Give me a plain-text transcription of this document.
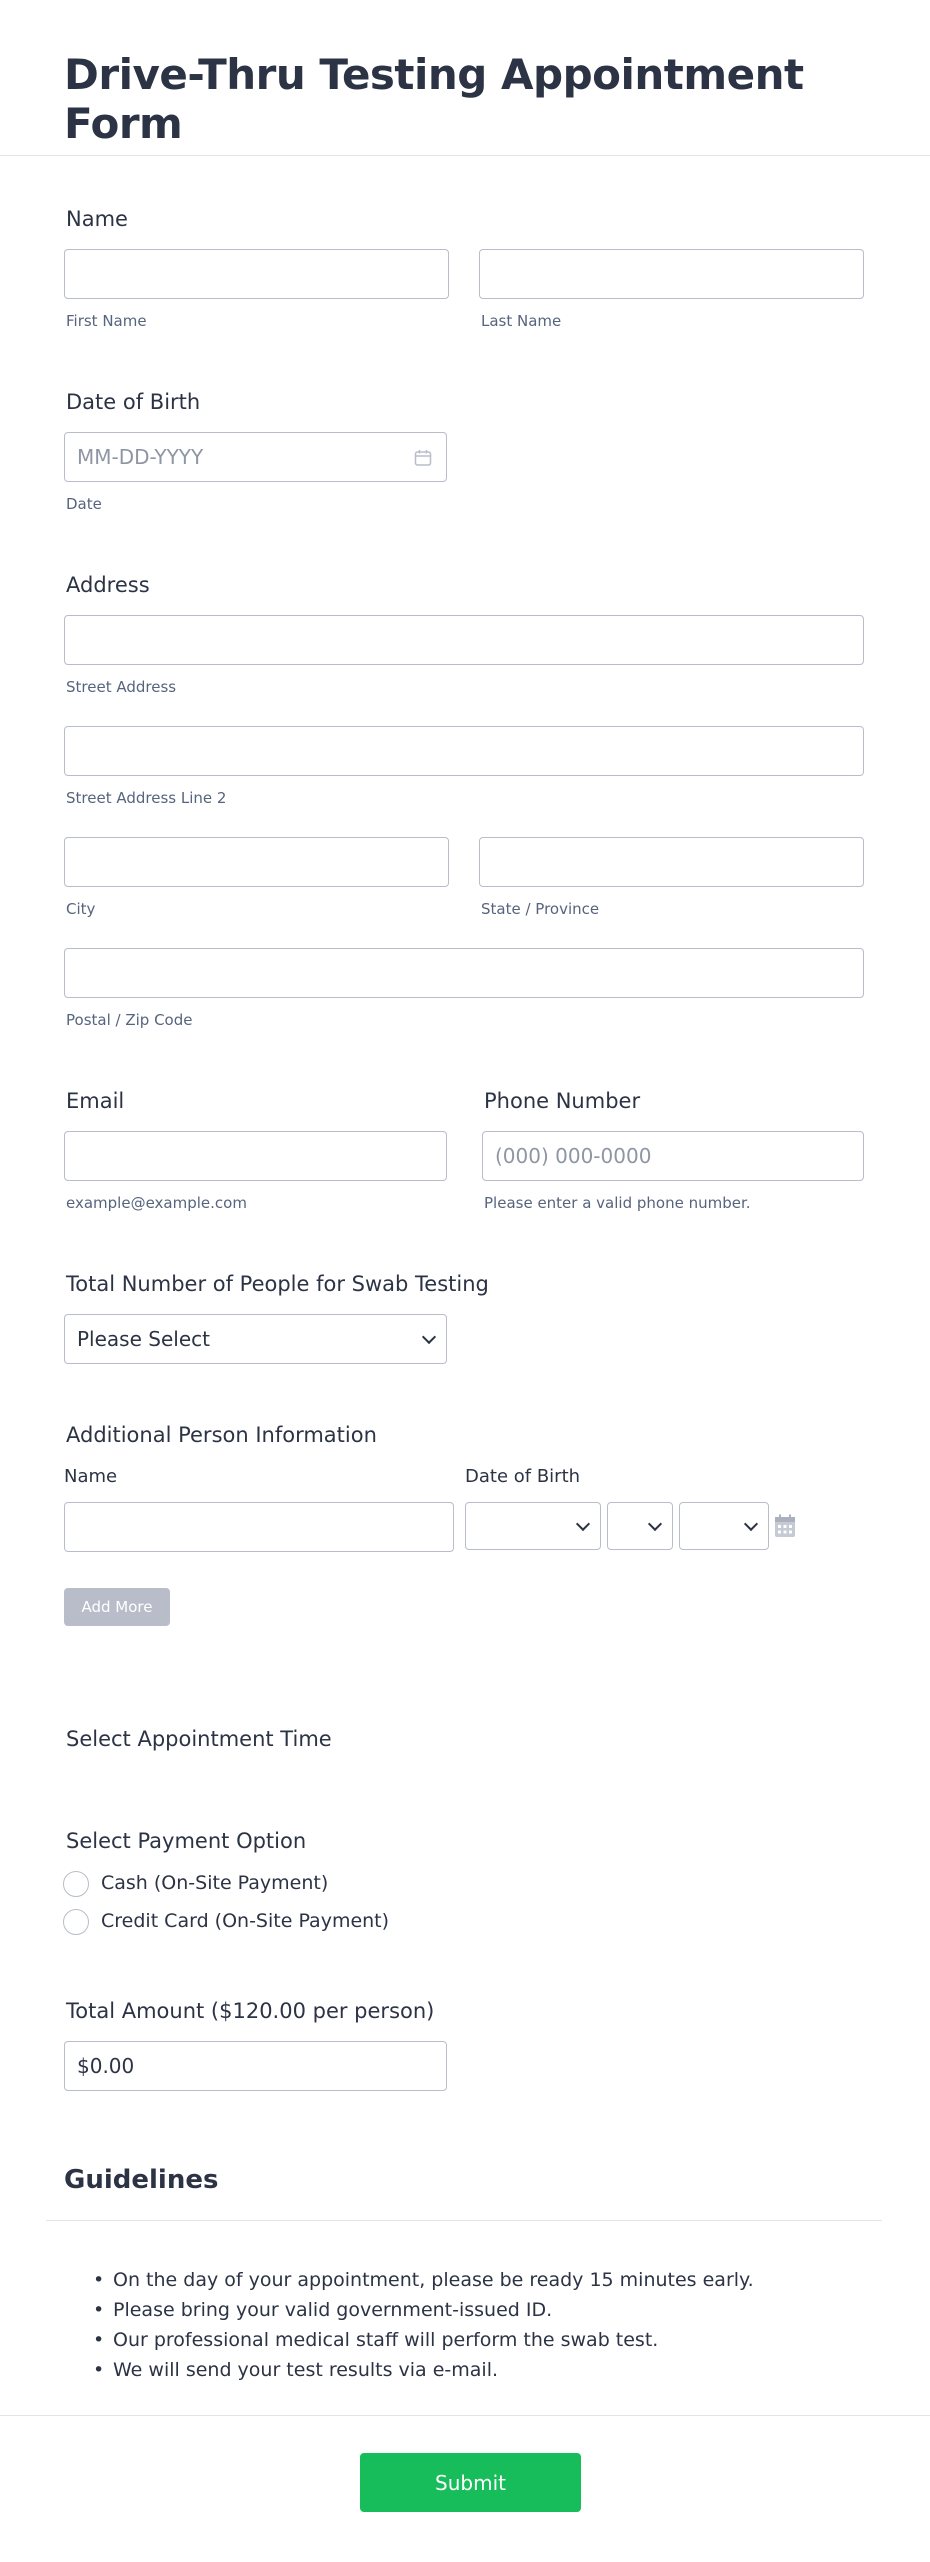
Drive-Thru Testing Appointment Form
Name
First Name	Last Name
Date of Birth
MM-DD-YYYY
Date
Address
Street Address
Street Address Line 2
City	State / Province
Postal / Zip Code
Email	Phone Number
(000) 000-0000
example@example.com	Please enter a valid phone number.
Total Number of People for Swab Testing
Please Select
Additional Person Information
Name	Date of Birth
Add More
Select Appointment Time
Select Payment Option
Cash (On-Site Payment)
Credit Card (On-Site Payment)
Total Amount ($120.00 per person)
$0.00
Guidelines
• On the day of your appointment, please be ready 15 minutes early.
• Please bring your valid government-issued ID.
• Our professional medical staff will perform the swab test.
• We will send your test results via e-mail.
Submit
